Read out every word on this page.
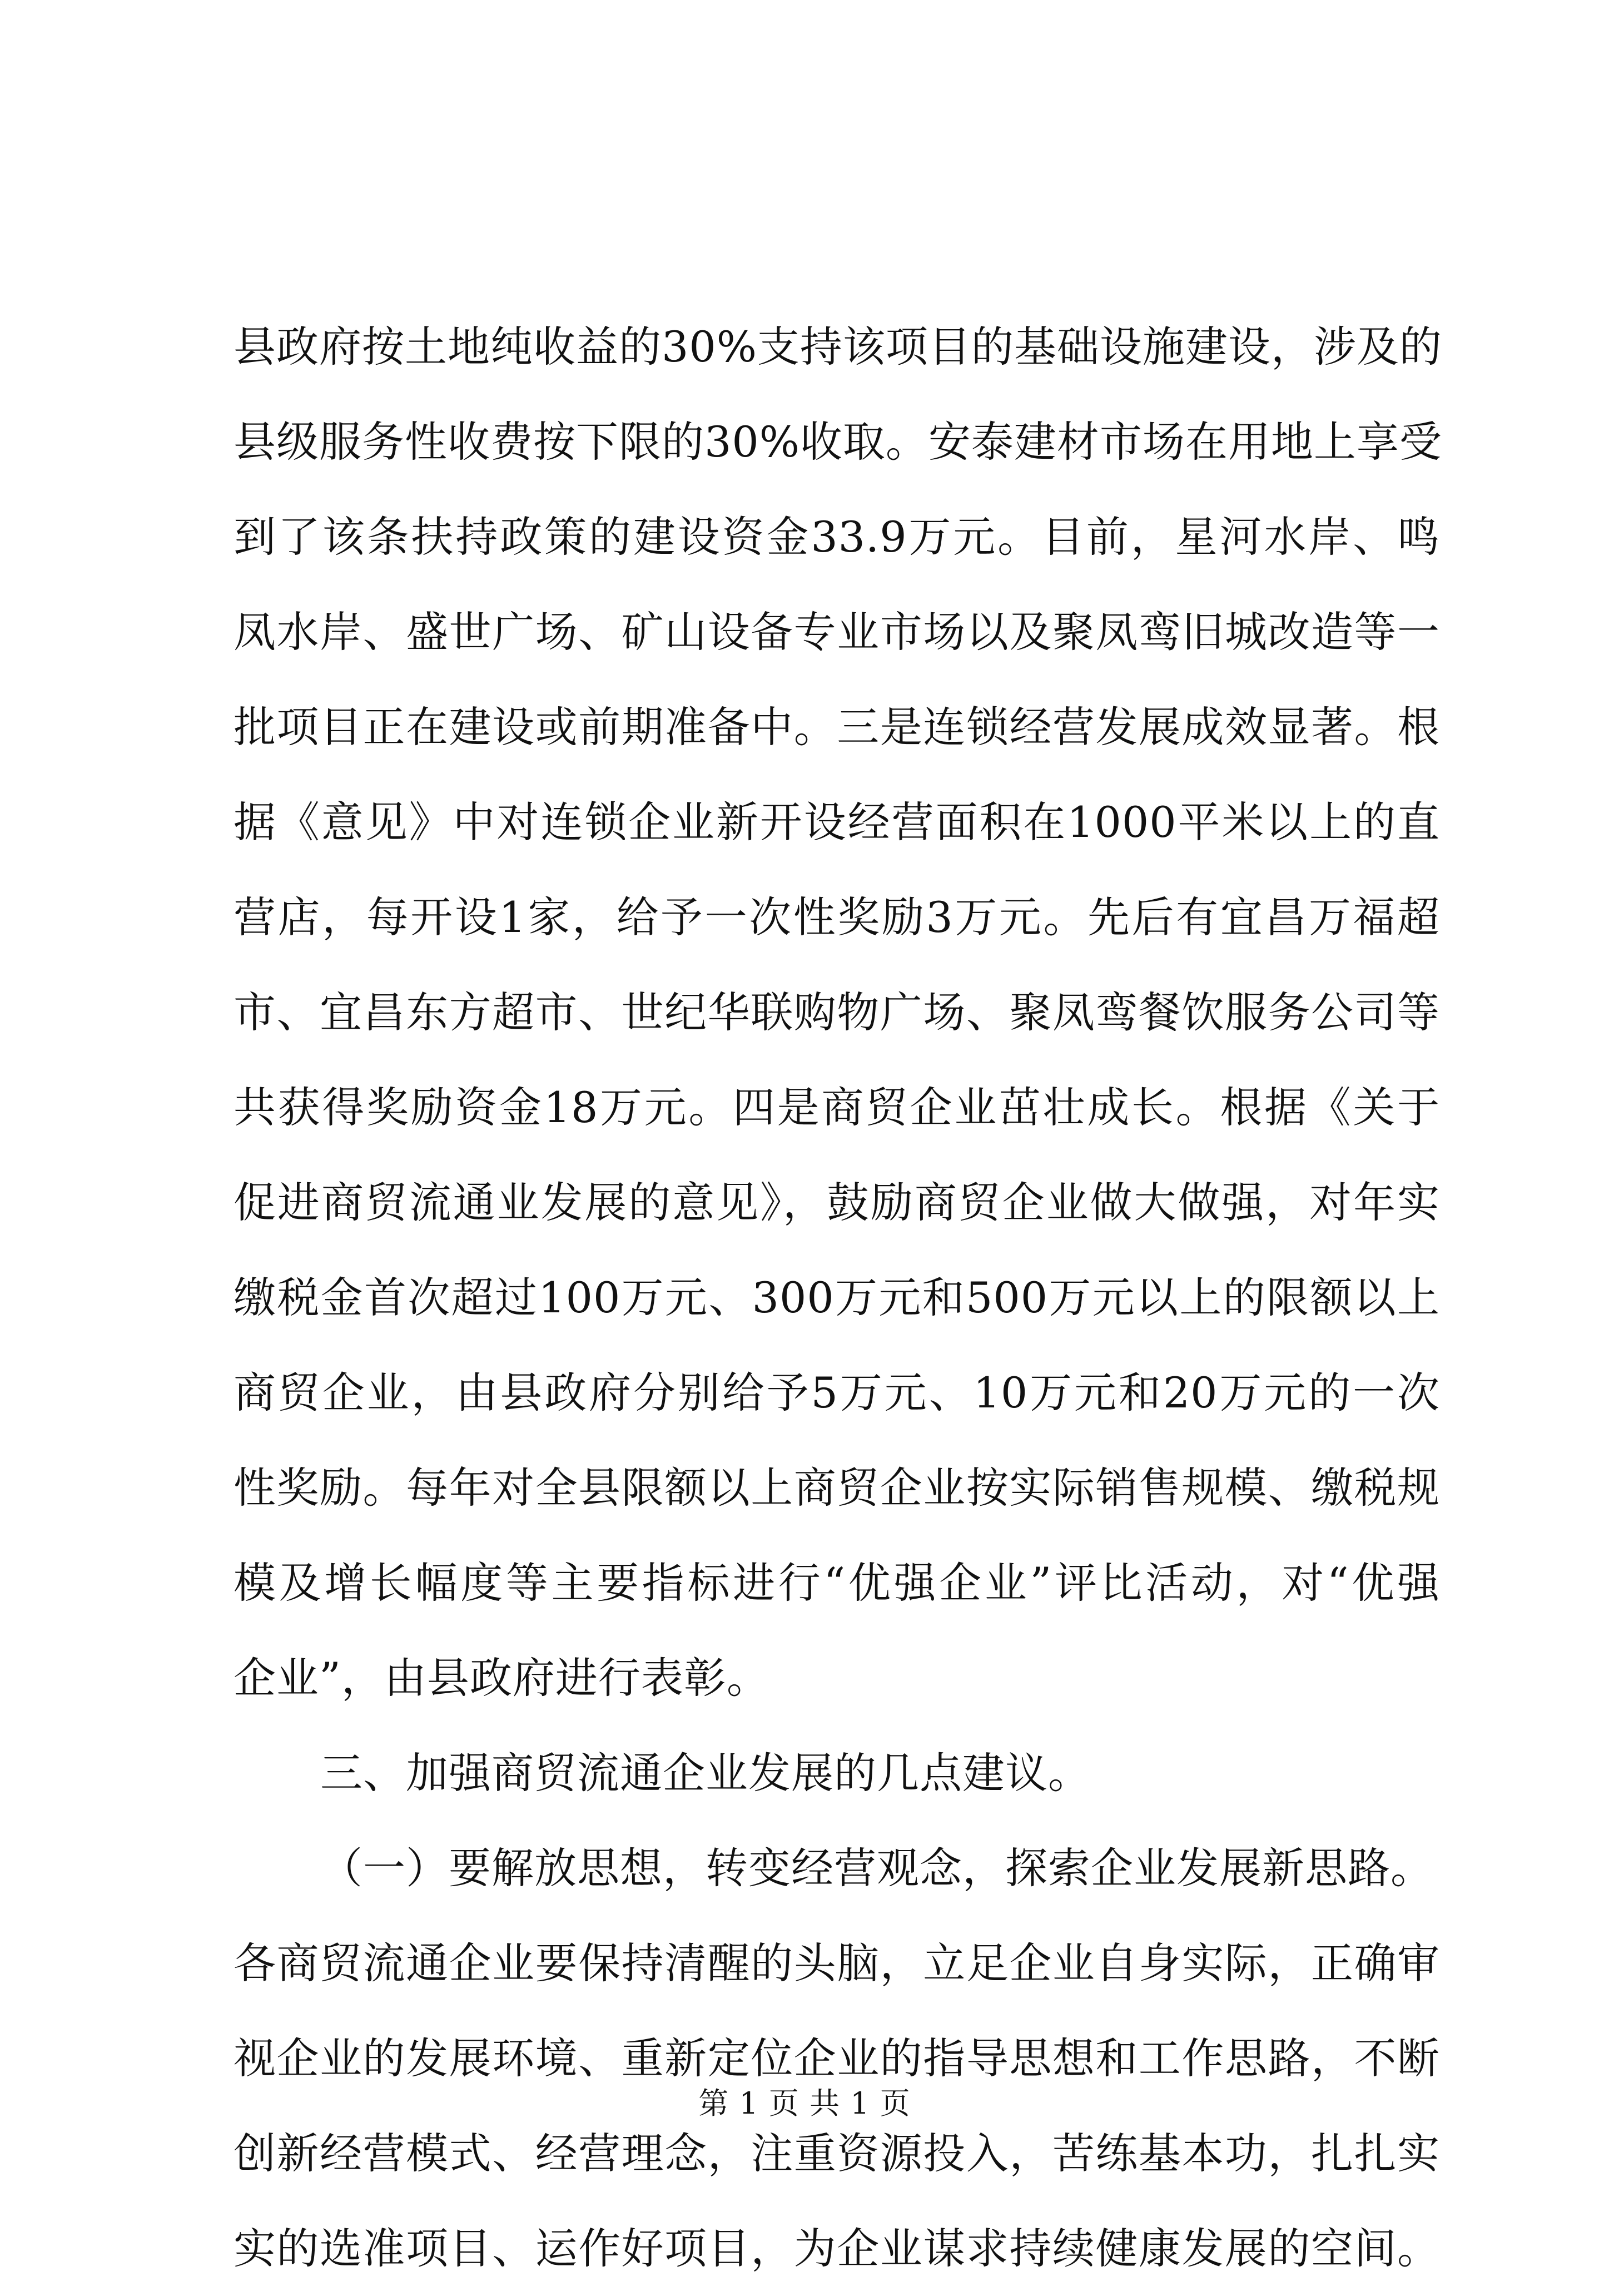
县政府按土地纯收益的30%支持该项目的基础设施建设，涉及的
县级服务性收费按下限的30%收取。安泰建材市场在用地上享受
到了该条扶持政策的建设资金33.9万元。目前，星河水岸、鸣
凤水岸、盛世广场、矿山设备专业市场以及聚凤鸾旧城改造等一
批项目正在建设或前期准备中。三是连锁经营发展成效显著。根
据《意见》中对连锁企业新开设经营面积在1000平米以上的直
营店，每开设1家，给予一次性奖励3万元。先后有宜昌万福超
市、宜昌东方超市、世纪华联购物广场、聚凤鸾餐饮服务公司等
共获得奖励资金18万元。四是商贸企业茁壮成长。根据《关于
促进商贸流通业发展的意见》，鼓励商贸企业做大做强，对年实
缴税金首次超过100万元、300万元和500万元以上的限额以上
商贸企业，由县政府分别给予5万元、10万元和20万元的一次
性奖励。每年对全县限额以上商贸企业按实际销售规模、缴税规
模及增长幅度等主要指标进行“优强企业”评比活动，对“优强
企业”，由县政府进行表彰。
三、加强商贸流通企业发展的几点建议。
（一）要解放思想，转变经营观念，探索企业发展新思路。
各商贸流通企业要保持清醒的头脑，立足企业自身实际，正确审
视企业的发展环境、重新定位企业的指导思想和工作思路，不断
创新经营模式、经营理念，注重资源投入，苦练基本功，扎扎实
实的选准项目、运作好项目，为企业谋求持续健康发展的空间。
第 1 页 共 1 页
